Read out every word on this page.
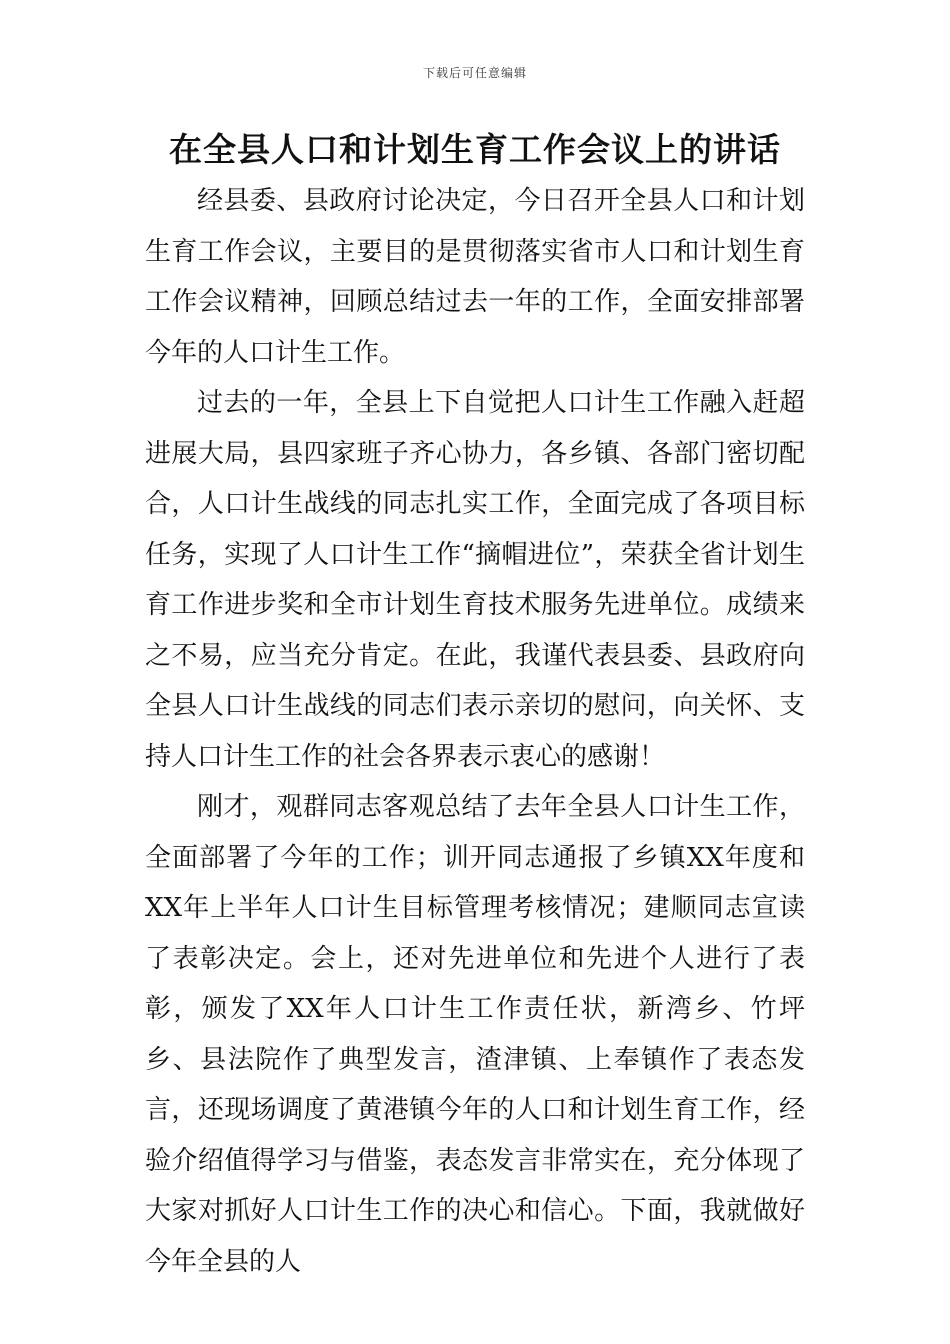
下载后可任意编辑
在全县人口和计划生育工作会议上的讲话

经县委、县政府讨论决定，今日召开全县人口和计划生育工作会议，主要目的是贯彻落实省市人口和计划生育工作会议精神，回顾总结过去一年的工作，全面安排部署今年的人口计生工作。

过去的一年，全县上下自觉把人口计生工作融入赶超进展大局，县四家班子齐心协力，各乡镇、各部门密切配合，人口计生战线的同志扎实工作，全面完成了各项目标任务，实现了人口计生工作“摘帽进位”，荣获全省计划生育工作进步奖和全市计划生育技术服务先进单位。成绩来之不易，应当充分肯定。在此，我谨代表县委、县政府向全县人口计生战线的同志们表示亲切的慰问，向关怀、支持人口计生工作的社会各界表示衷心的感谢！

刚才，观群同志客观总结了去年全县人口计生工作，全面部署了今年的工作；训开同志通报了乡镇XX年度和XX年上半年人口计生目标管理考核情况；建顺同志宣读了表彰决定。会上，还对先进单位和先进个人进行了表彰，颁发了XX年人口计生工作责任状，新湾乡、竹坪乡、县法院作了典型发言，渣津镇、上奉镇作了表态发言，还现场调度了黄港镇今年的人口和计划生育工作，经验介绍值得学习与借鉴，表态发言非常实在，充分体现了大家对抓好人口计生工作的决心和信心。下面，我就做好今年全县的人
